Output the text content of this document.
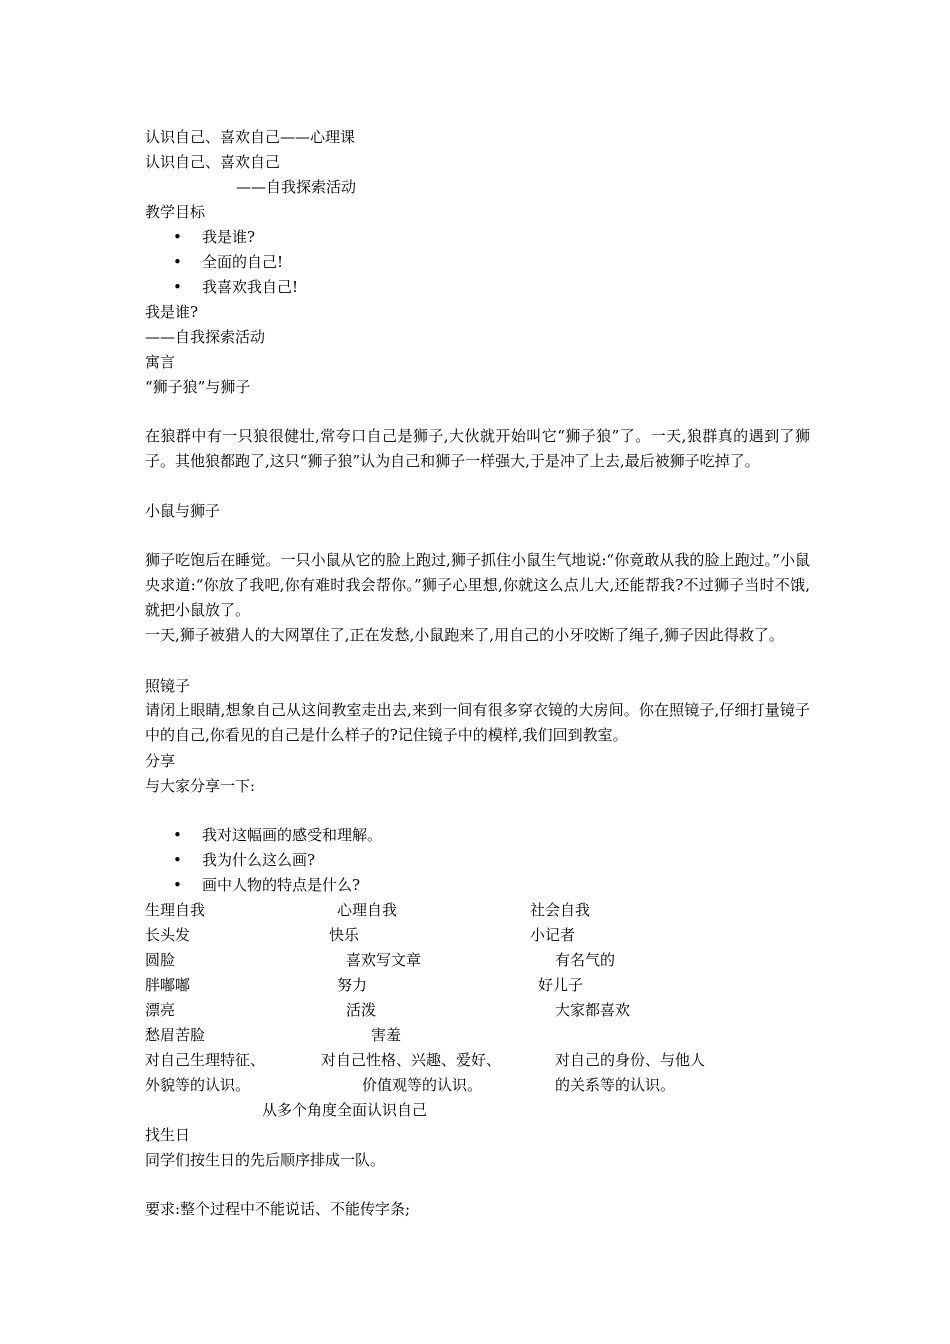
认识自己、喜欢自己——心理课
认识自己、喜欢自己
——自我探索活动
教学目标
• 我是谁?
• 全面的自己!
• 我喜欢我自己!
我是谁?
——自我探索活动
寓言
“狮子狼”与狮子
在狼群中有一只狼很健壮,常夸口自己是狮子,大伙就开始叫它“狮子狼”了。一天,狼群真的遇到了狮子。其他狼都跑了,这只“狮子狼”认为自己和狮子一样强大,于是冲了上去,最后被狮子吃掉了。
小鼠与狮子
狮子吃饱后在睡觉。一只小鼠从它的脸上跑过,狮子抓住小鼠生气地说:“你竟敢从我的脸上跑过。”小鼠央求道:“你放了我吧,你有难时我会帮你。”狮子心里想,你就这么点儿大,还能帮我?不过狮子当时不饿,就把小鼠放了。
一天,狮子被猎人的大网罩住了,正在发愁,小鼠跑来了,用自己的小牙咬断了绳子,狮子因此得救了。
照镜子
请闭上眼睛,想象自己从这间教室走出去,来到一间有很多穿衣镜的大房间。你在照镜子,仔细打量镜子中的自己,你看见的自己是什么样子的?记住镜子中的模样,我们回到教室。
分享
与大家分享一下:
• 我对这幅画的感受和理解。
• 我为什么这么画?
• 画中人物的特点是什么?
生理自我	心理自我	社会自我
长头发	快乐	小记者
圆脸	喜欢写文章	有名气的
胖嘟嘟	努力	好儿子
漂亮	活泼	大家都喜欢
愁眉苦脸	害羞
对自己生理特征、	对自己性格、兴趣、爱好、	对自己的身份、与他人
外貌等的认识。	价值观等的认识。	的关系等的认识。
从多个角度全面认识自己
找生日
同学们按生日的先后顺序排成一队。
要求:整个过程中不能说话、不能传字条;
